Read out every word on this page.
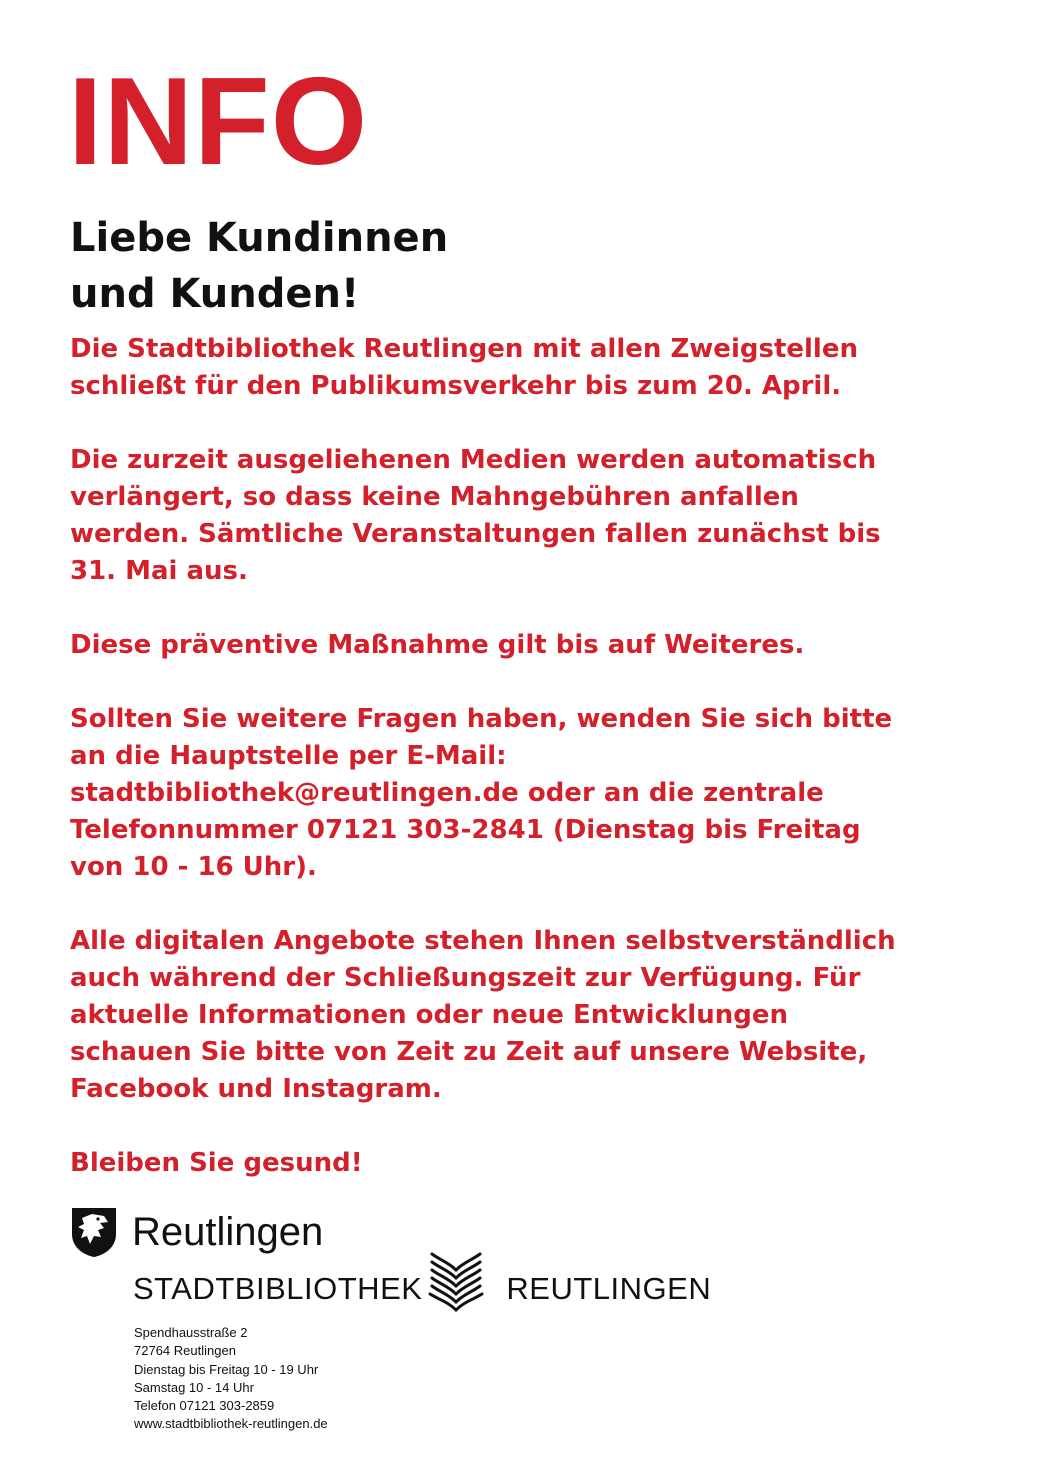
INFO
Liebe Kundinnen
und Kunden!

Die Stadtbibliothek Reutlingen mit allen Zweigstellen
schließt für den Publikumsverkehr bis zum 20. April.

Die zurzeit ausgeliehenen Medien werden automatisch
verlängert, so dass keine Mahngebühren anfallen
werden. Sämtliche Veranstaltungen fallen zunächst bis
31. Mai aus.

Diese präventive Maßnahme gilt bis auf Weiteres.

Sollten Sie weitere Fragen haben, wenden Sie sich bitte
an die Hauptstelle per E-Mail:
stadtbibliothek@reutlingen.de oder an die zentrale
Telefonnummer 07121 303-2841 (Dienstag bis Freitag
von 10 - 16 Uhr).

Alle digitalen Angebote stehen Ihnen selbstverständlich
auch während der Schließungszeit zur Verfügung. Für
aktuelle Informationen oder neue Entwicklungen
schauen Sie bitte von Zeit zu Zeit auf unsere Website,
Facebook und Instagram.

Bleiben Sie gesund!

Reutlingen
STADTBIBLIOTHEK	REUTLINGEN
Spendhausstraße 2
72764 Reutlingen
Dienstag bis Freitag 10 - 19 Uhr
Samstag 10 - 14 Uhr
Telefon 07121 303-2859
www.stadtbibliothek-reutlingen.de
